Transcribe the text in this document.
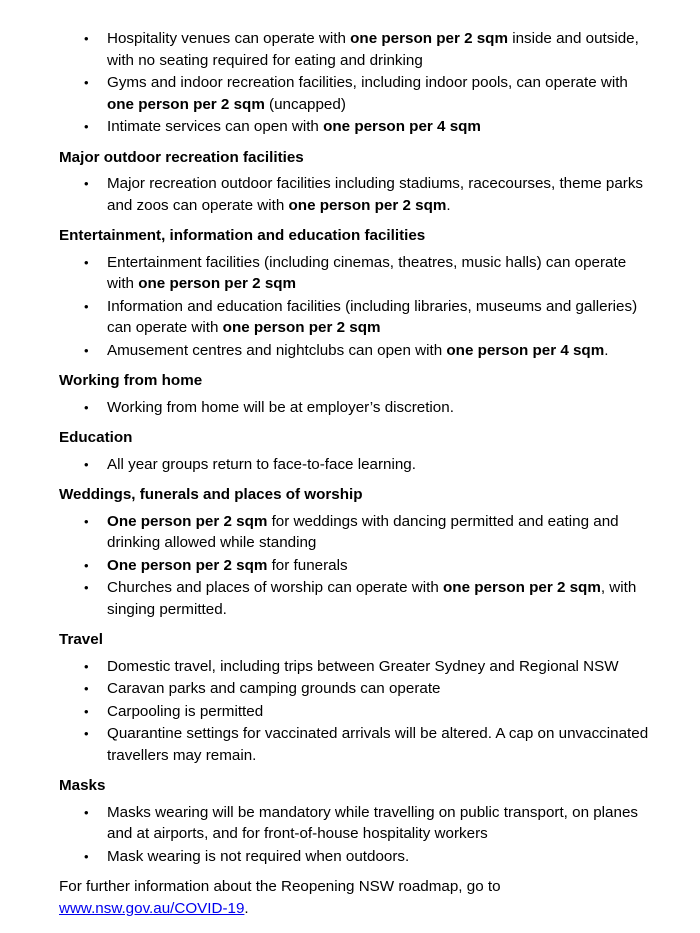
• Hospitality venues can operate with one person per 2 sqm inside and outside, with no seating required for eating and drinking
• Gyms and indoor recreation facilities, including indoor pools, can operate with one person per 2 sqm (uncapped)
• Intimate services can open with one person per 4 sqm

Major outdoor recreation facilities

• Major recreation outdoor facilities including stadiums, racecourses, theme parks and zoos can operate with one person per 2 sqm.

Entertainment, information and education facilities

• Entertainment facilities (including cinemas, theatres, music halls) can operate with one person per 2 sqm
• Information and education facilities (including libraries, museums and galleries) can operate with one person per 2 sqm
• Amusement centres and nightclubs can open with one person per 4 sqm.

Working from home

• Working from home will be at employer’s discretion.

Education

• All year groups return to face-to-face learning.

Weddings, funerals and places of worship

• One person per 2 sqm for weddings with dancing permitted and eating and drinking allowed while standing
• One person per 2 sqm for funerals
• Churches and places of worship can operate with one person per 2 sqm, with singing permitted.

Travel

• Domestic travel, including trips between Greater Sydney and Regional NSW
• Caravan parks and camping grounds can operate
• Carpooling is permitted
• Quarantine settings for vaccinated arrivals will be altered. A cap on unvaccinated travellers may remain.

Masks

• Masks wearing will be mandatory while travelling on public transport, on planes and at airports, and for front-of-house hospitality workers
• Mask wearing is not required when outdoors.

For further information about the Reopening NSW roadmap, go to www.nsw.gov.au/COVID-19.
